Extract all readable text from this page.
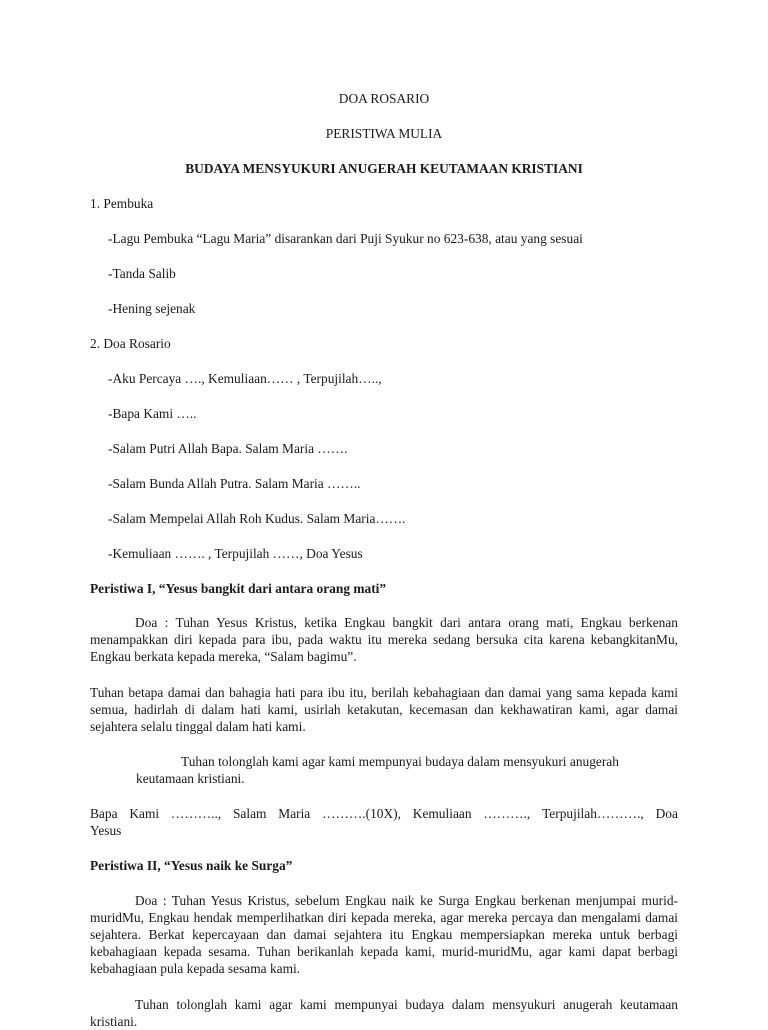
DOA ROSARIO
PERISTIWA MULIA
BUDAYA MENSYUKURI ANUGERAH KEUTAMAAN KRISTIANI
1. Pembuka
-Lagu Pembuka “Lagu Maria” disarankan dari Puji Syukur no 623-638, atau yang sesuai
-Tanda Salib
-Hening sejenak
2. Doa Rosario
-Aku Percaya …., Kemuliaan…… , Terpujilah…..,
-Bapa Kami …..
-Salam Putri Allah Bapa. Salam Maria …….
-Salam Bunda Allah Putra. Salam Maria ……..
-Salam Mempelai Allah Roh Kudus. Salam Maria…….
-Kemuliaan ……. , Terpujilah ……, Doa Yesus
Peristiwa I, “Yesus bangkit dari antara orang mati”
Doa : Tuhan Yesus Kristus, ketika Engkau bangkit dari antara orang mati, Engkau berkenan menampakkan diri kepada para ibu, pada waktu itu mereka sedang bersuka cita karena kebangkitanMu, Engkau berkata kepada mereka, “Salam bagimu”.
Tuhan betapa damai dan bahagia hati para ibu itu, berilah kebahagiaan dan damai yang sama kepada kami semua, hadirlah di dalam hati kami, usirlah ketakutan, kecemasan dan kekhawatiran kami, agar damai sejahtera selalu tinggal dalam hati kami.
Tuhan tolonglah kami agar kami mempunyai budaya dalam mensyukuri anugerah
keutamaan kristiani.
Bapa Kami ……….., Salam Maria ……….(10X), Kemuliaan ………., Terpujilah………., Doa
Yesus
Peristiwa II, “Yesus naik ke Surga”
Doa : Tuhan Yesus Kristus, sebelum Engkau naik ke Surga Engkau berkenan menjumpai murid-muridMu, Engkau hendak memperlihatkan diri kepada mereka, agar mereka percaya dan mengalami damai sejahtera. Berkat kepercayaan dan damai sejahtera itu Engkau mempersiapkan mereka untuk berbagi kebahagiaan kepada sesama. Tuhan berikanlah kepada kami, murid-muridMu, agar kami dapat berbagi kebahagiaan pula kepada sesama kami.
Tuhan tolonglah kami agar kami mempunyai budaya dalam mensyukuri anugerah keutamaan kristiani.
